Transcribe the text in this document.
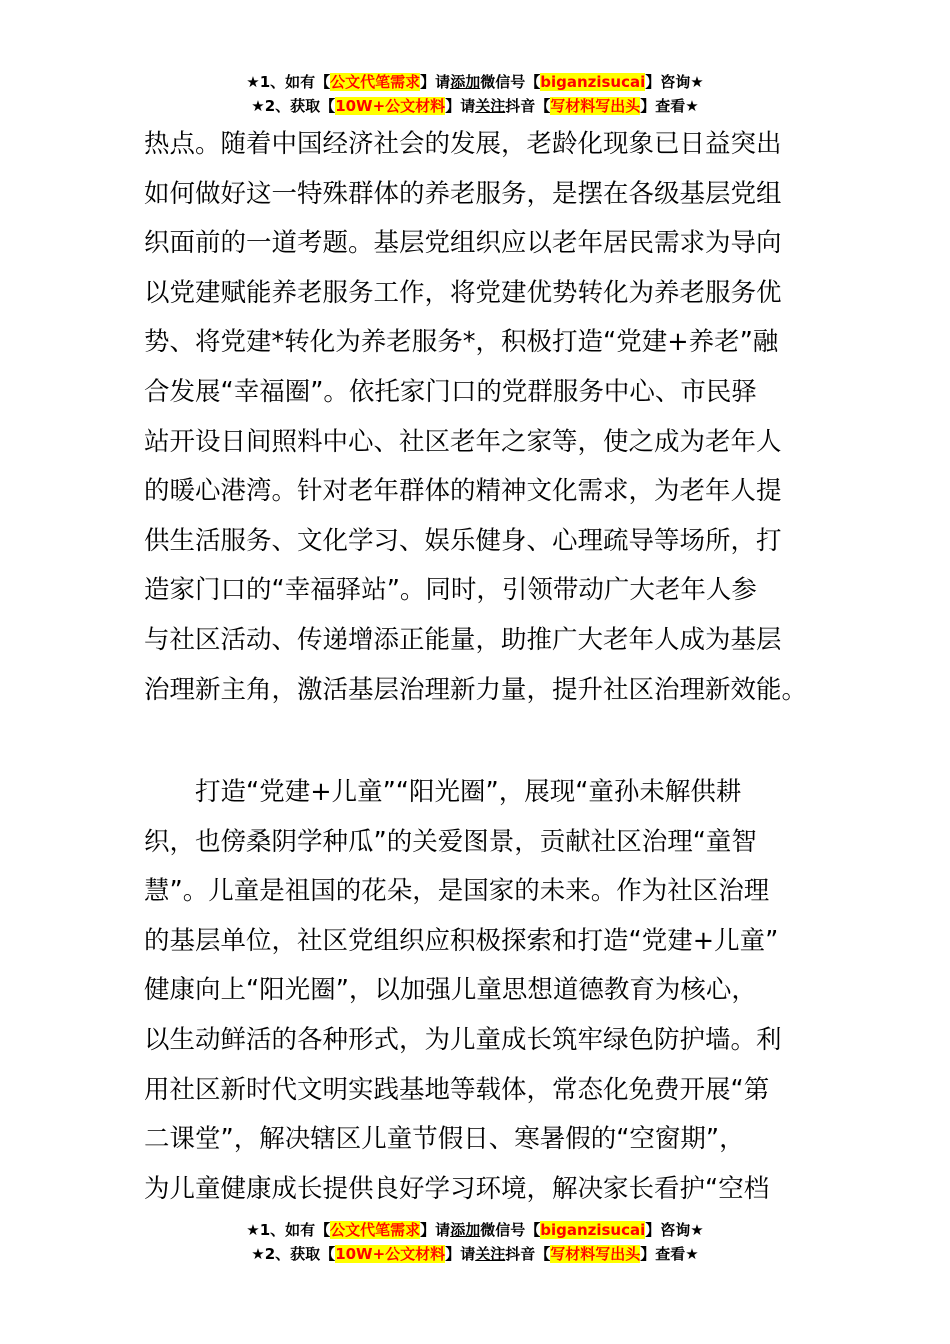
★1、如有【公文代笔需求】请添加微信号【biganzisucai】咨询★
★2、获取【10W+公文材料】请关注抖音【写材料写出头】查看★
热点。随着中国经济社会的发展，老龄化现象已日益突出
如何做好这一特殊群体的养老服务，是摆在各级基层党组
织面前的一道考题。基层党组织应以老年居民需求为导向
以党建赋能养老服务工作，将党建优势转化为养老服务优
势、将党建*转化为养老服务*，积极打造“党建+养老”融
合发展“幸福圈”。依托家门口的党群服务中心、市民驿
站开设日间照料中心、社区老年之家等，使之成为老年人
的暖心港湾。针对老年群体的精神文化需求，为老年人提
供生活服务、文化学习、娱乐健身、心理疏导等场所，打
造家门口的“幸福驿站”。同时，引领带动广大老年人参
与社区活动、传递增添正能量，助推广大老年人成为基层
治理新主角，激活基层治理新力量，提升社区治理新效能。
　　打造“党建+儿童”“阳光圈”，展现“童孙未解供耕
织，也傍桑阴学种瓜”的关爱图景，贡献社区治理“童智
慧”。儿童是祖国的花朵，是国家的未来。作为社区治理
的基层单位，社区党组织应积极探索和打造“党建+儿童”
健康向上“阳光圈”，以加强儿童思想道德教育为核心，
以生动鲜活的各种形式，为儿童成长筑牢绿色防护墙。利
用社区新时代文明实践基地等载体，常态化免费开展“第
二课堂”，解决辖区儿童节假日、寒暑假的“空窗期”，
为儿童健康成长提供良好学习环境，解决家长看护“空档
★1、如有【公文代笔需求】请添加微信号【biganzisucai】咨询★
★2、获取【10W+公文材料】请关注抖音【写材料写出头】查看★
